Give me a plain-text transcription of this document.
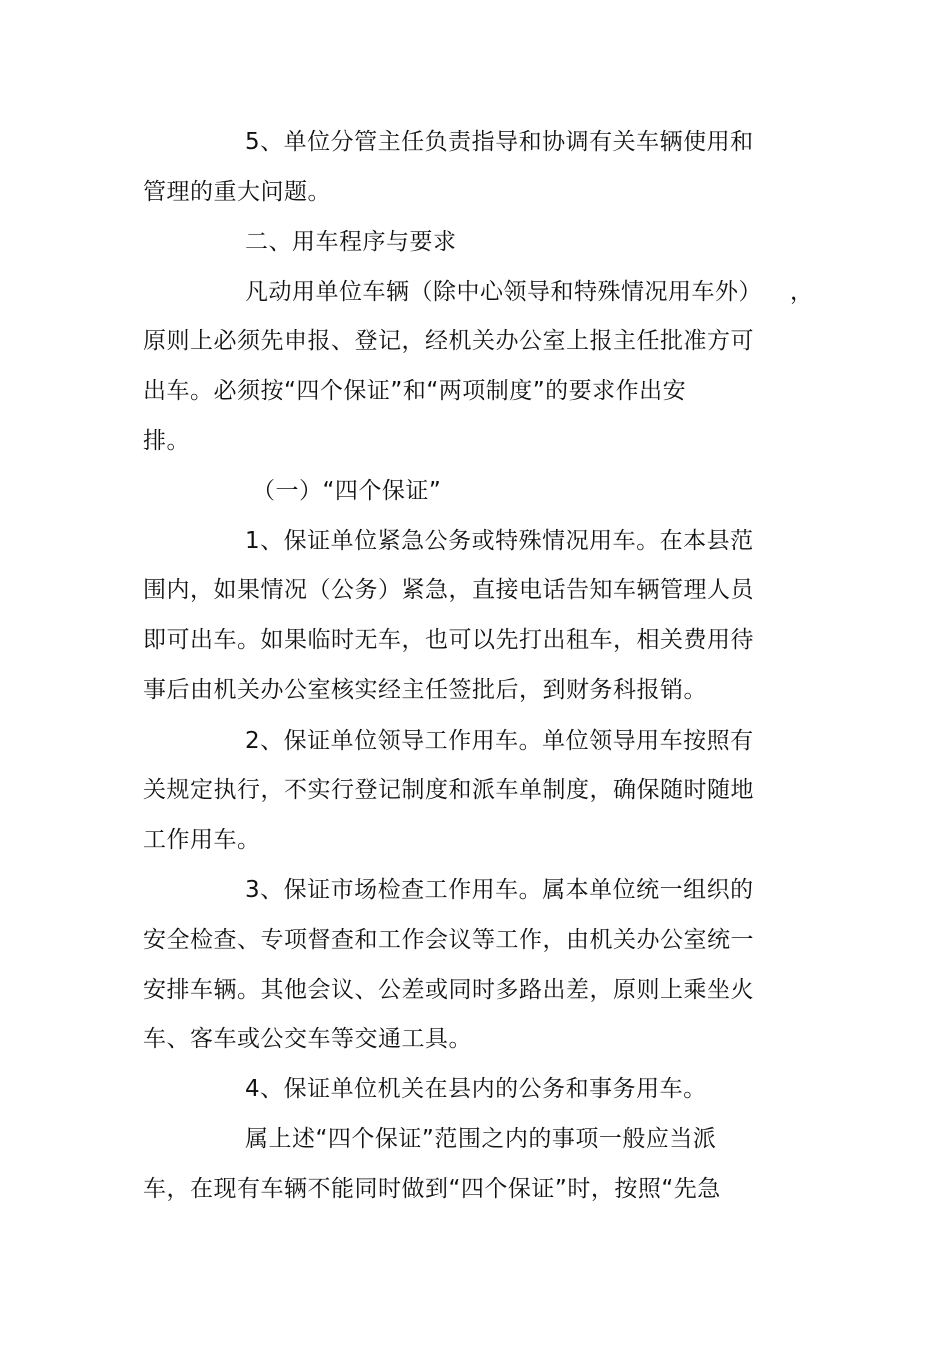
5、单位分管主任负责指导和协调有关车辆使用和
管理的重大问题。
二、用车程序与要求
凡动用单位车辆（除中心领导和特殊情况用车外） ，
原则上必须先申报、登记，经机关办公室上报主任批准方可
出车。必须按“四个保证”和“两项制度”的要求作出安
排。
（一）“四个保证”
1、保证单位紧急公务或特殊情况用车。在本县范
围内，如果情况（公务）紧急，直接电话告知车辆管理人员
即可出车。如果临时无车，也可以先打出租车，相关费用待
事后由机关办公室核实经主任签批后，到财务科报销。
2、保证单位领导工作用车。单位领导用车按照有
关规定执行，不实行登记制度和派车单制度，确保随时随地
工作用车。
3、保证市场检查工作用车。属本单位统一组织的
安全检查、专项督查和工作会议等工作，由机关办公室统一
安排车辆。其他会议、公差或同时多路出差，原则上乘坐火
车、客车或公交车等交通工具。
4、保证单位机关在县内的公务和事务用车。
属上述“四个保证”范围之内的事项一般应当派
车，在现有车辆不能同时做到“四个保证”时，按照“先急
